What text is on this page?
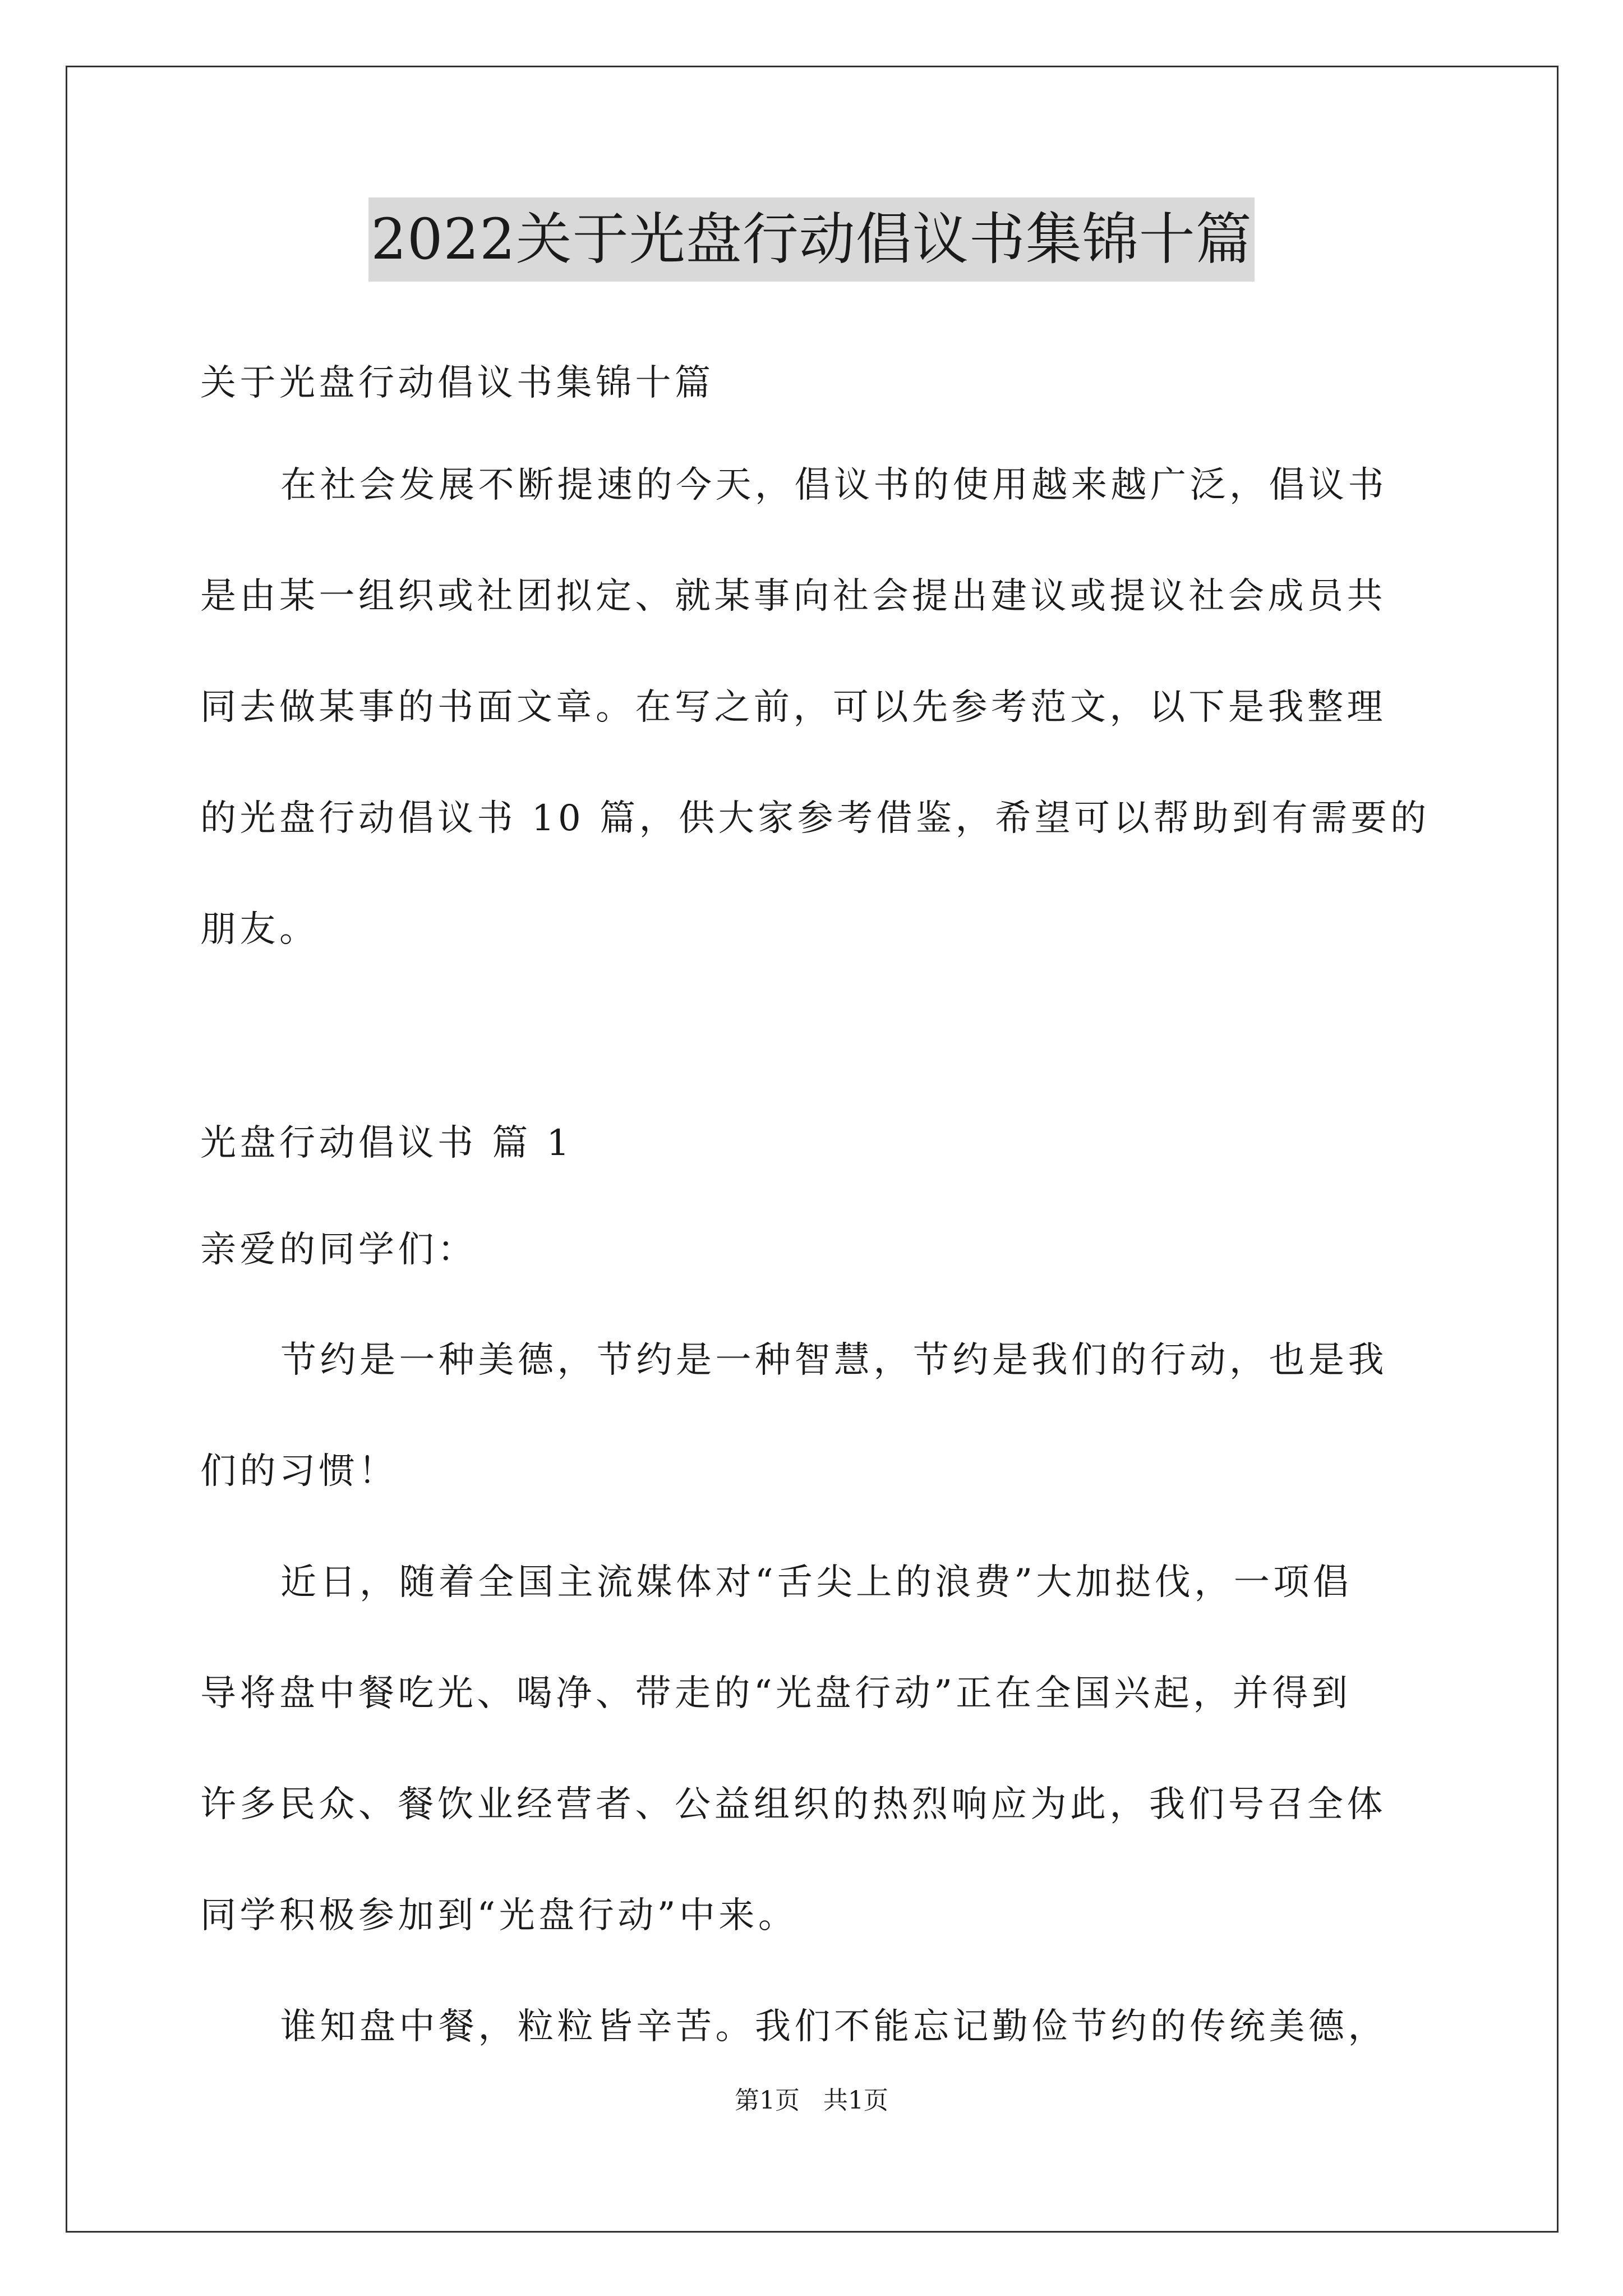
2022关于光盘行动倡议书集锦十篇
关于光盘行动倡议书集锦十篇
在社会发展不断提速的今天，倡议书的使用越来越广泛，倡议书
是由某一组织或社团拟定、就某事向社会提出建议或提议社会成员共
同去做某事的书面文章。在写之前，可以先参考范文，以下是我整理
的光盘行动倡议书 10 篇，供大家参考借鉴，希望可以帮助到有需要的
朋友。
光盘行动倡议书 篇 1
亲爱的同学们：
节约是一种美德，节约是一种智慧，节约是我们的行动，也是我
们的习惯！
近日，随着全国主流媒体对“舌尖上的浪费”大加挞伐，一项倡
导将盘中餐吃光、喝净、带走的“光盘行动”正在全国兴起，并得到
许多民众、餐饮业经营者、公益组织的热烈响应为此，我们号召全体
同学积极参加到“光盘行动”中来。
谁知盘中餐，粒粒皆辛苦。我们不能忘记勤俭节约的传统美德，
第1页   共1页
